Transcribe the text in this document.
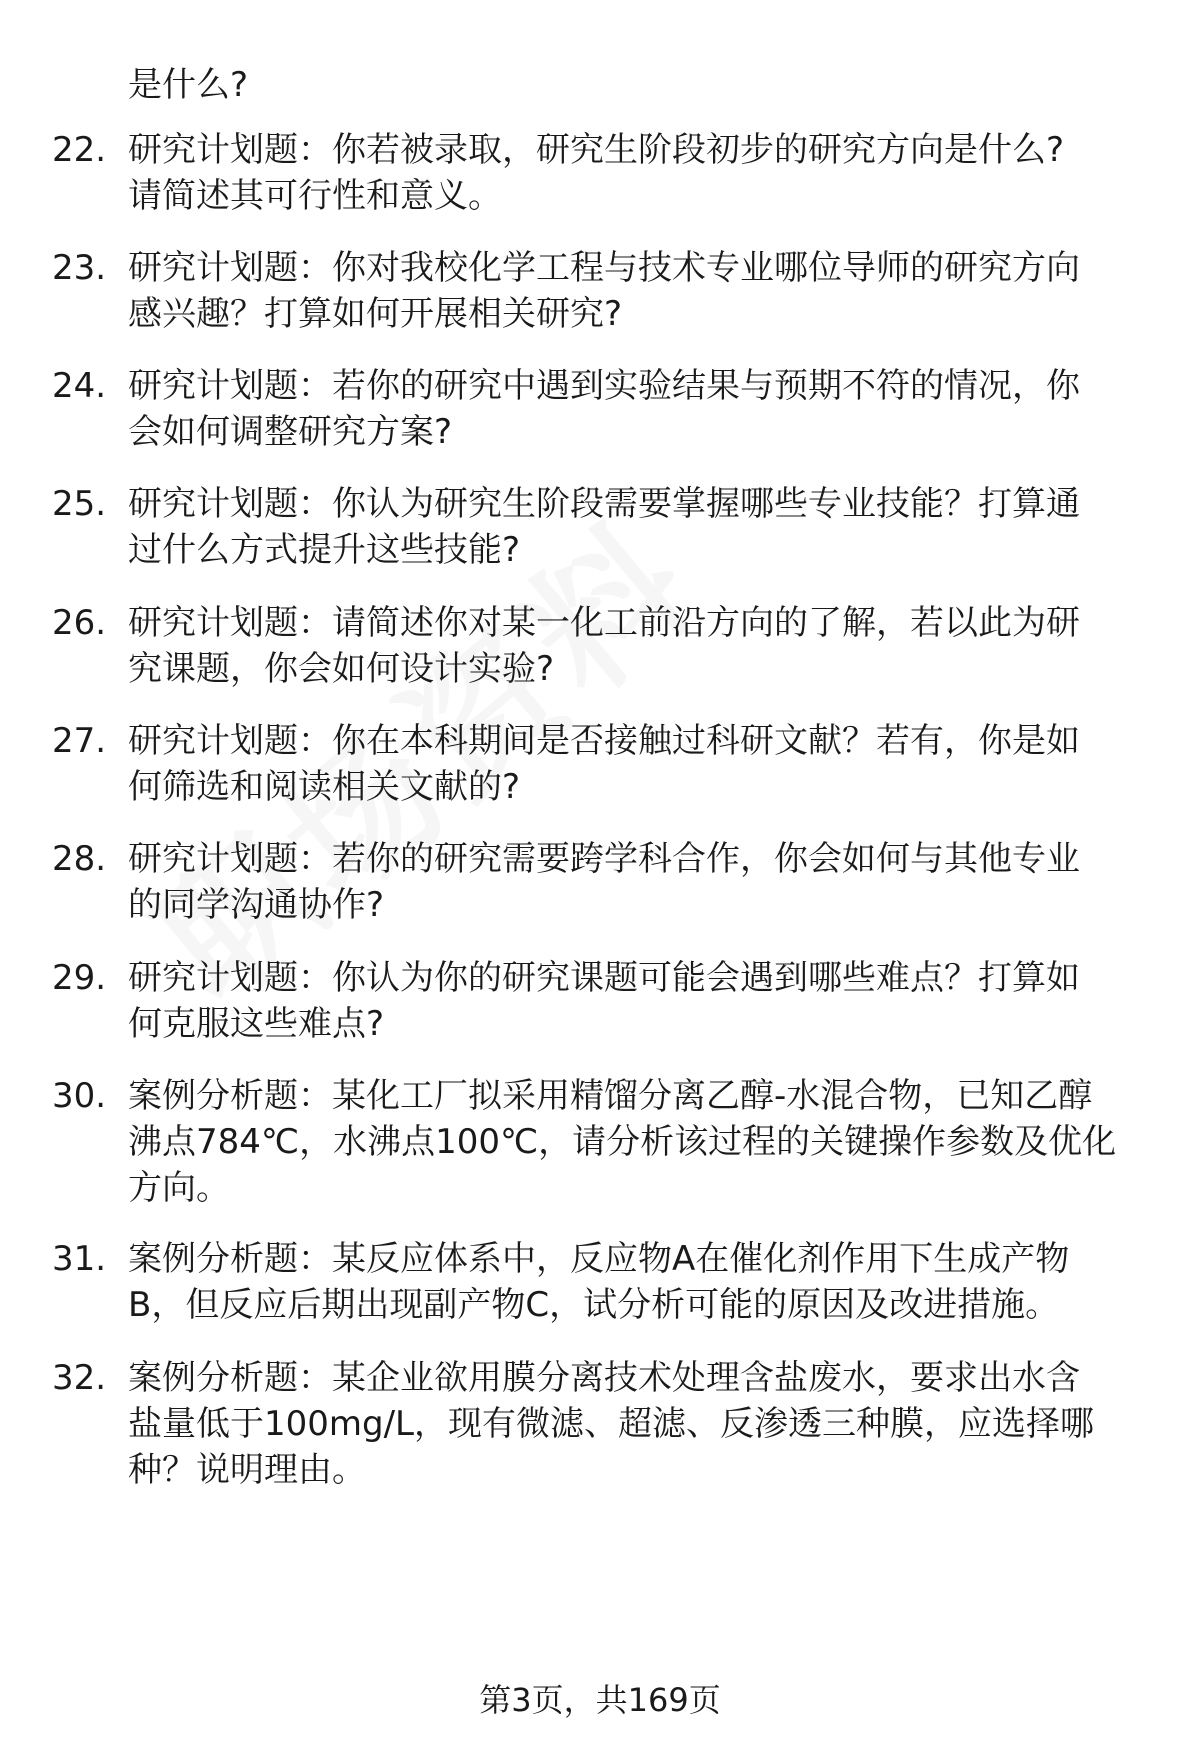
是什么?
22. 研究计划题：你若被录取，研究生阶段初步的研究方向是什么?
请简述其可行性和意义。
23. 研究计划题：你对我校化学工程与技术专业哪位导师的研究方向
感兴趣？打算如何开展相关研究?
24. 研究计划题：若你的研究中遇到实验结果与预期不符的情况，你
会如何调整研究方案?
25. 研究计划题：你认为研究生阶段需要掌握哪些专业技能？打算通
过什么方式提升这些技能?
26. 研究计划题：请简述你对某一化工前沿方向的了解，若以此为研
究课题，你会如何设计实验?
27. 研究计划题：你在本科期间是否接触过科研文献？若有，你是如
何筛选和阅读相关文献的?
28. 研究计划题：若你的研究需要跨学科合作，你会如何与其他专业
的同学沟通协作?
29. 研究计划题：你认为你的研究课题可能会遇到哪些难点？打算如
何克服这些难点?
30. 案例分析题：某化工厂拟采用精馏分离乙醇-水混合物，已知乙醇
沸点784℃，水沸点100℃，请分析该过程的关键操作参数及优化
方向。
31. 案例分析题：某反应体系中，反应物A在催化剂作用下生成产物
B，但反应后期出现副产物C，试分析可能的原因及改进措施。
32. 案例分析题：某企业欲用膜分离技术处理含盐废水，要求出水含
盐量低于100mg/L，现有微滤、超滤、反渗透三种膜，应选择哪
种？说明理由。
第3页，共169页
